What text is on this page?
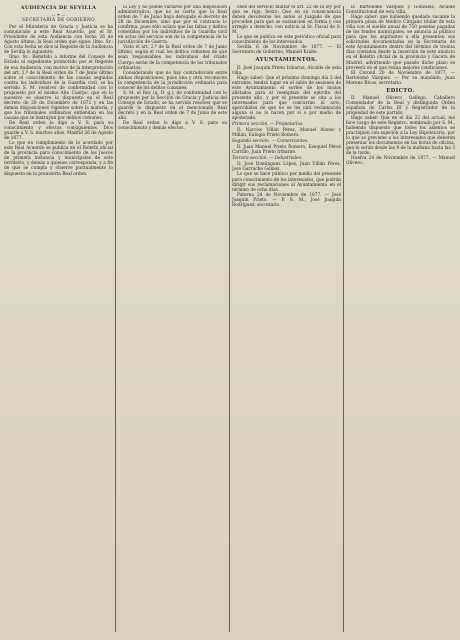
AUDIENCIA DE SEVILLA
— ❧ —
SECRETARÍA DE GOBIERNO

Por el Ministerio de Gracia y Justicia se ha comunicado a este Real Acuerdo, por el Sr. Presidente de esta Audiencia con fecha 26 de Agosto último, la Real orden que sigue: Ilmo. Sr.: Con esta fecha se dice al Regente de la Audiencia de Sevilla lo siguiente:

Ilmo. Sr.: Remitido a informe del Consejo de Estado el expediente promovido por el Regente de esa Audiencia, con motivo de la interpretación del art. 2.º de la Real orden de 7 de Junio último sobre el conocimiento de las causas seguidas contra los individuos de la Guardia civil, se ha servido S. M. resolver de conformidad con lo propuesto por el mismo Alto Cuerpo, que en lo sucesivo se observe lo dispuesto en el Real decreto de 28 de Diciembre de 1872 y en las demás disposiciones vigentes sobre la materia, y que los tribunales ordinarios entiendan en las causas que se instruyan por delitos comunes.

De Real orden lo digo a V. S. para su conocimiento y efectos consiguientes. Dios guarde a V. S. muchos años. Madrid 26 de Agosto de 1877.

Lo que en cumplimiento de lo acordado por este Real Acuerdo se publica en el Boletín oficial de la provincia para conocimiento de los Jueces de primera instancia y municipales de este territorio, y demás a quienes corresponda, y a fin de que se cumpla y observe puntualmente lo dispuesto en la preinserta Real orden.

la Ley y no puede variarse por una disposición administrativa; que no es cierto que la Real orden de 7 de Junio haya derogado el decreto de 28 de Diciembre, sino que por el contrario lo confirma, pues sólo aclara que las faltas y delitos cometidos por los individuos de la Guardia civil en actos del servicio son de la competencia de la jurisdicción de Guerra.

Visto el art. 2.º de la Real orden de 7 de Junio último, según el cual los delitos comunes de que sean responsables los individuos del citado Cuerpo serán de la competencia de los tribunales ordinarios;

Considerando que no hay contradicción entre ambas disposiciones, pues una y otra reconocen la competencia de la jurisdicción ordinaria para conocer de los delitos comunes;

S. M. el Rey (q. D. g.), de conformidad con lo propuesto por la Sección de Gracia y Justicia del Consejo de Estado, se ha servido resolver que se guarde lo dispuesto en el mencionado Real decreto y en la Real orden de 7 de Junio de este año.

De Real orden lo digo a V. S. para su conocimiento y demás efectos.

ches del servicio militar el art. 22 de la ley por que se rige; Sexto: Que en su consecuencia deben devolverse los autos al Juzgado de que proceden para que se sustancien en forma y con arreglo a derecho, con noticia al Sr. Fiscal de S. M.

Lo que se publica en este periódico oficial para conocimiento de los interesados.

Sevilla 6 de Noviembre de 1877. — El Secretario de Gobierno, Manuel Krahe.

AYUNTAMIENTOS.

D. José Joaquín Prieto Iribarne, Alcalde de esta villa.

Hago saber: Que el próximo domingo día 2 del entrante, tendrá lugar en el salón de sesiones de este Ayuntamiento el sorteo de los mozos alistados para el reemplazo del ejército del presente año, y por el presente se cita a los interesados para que concurran al acto, apercibidos de que no se les oirá reclamación alguna si no lo hacen por sí o por medio de apoderado.

Primera sección. — Propietarios.

D. Narciso Villán Pérez, Manuel Alonso y Millán, Eulogio Prieto Romero.

Segunda sección. — Comerciantes.

D. Juan Manuel Prieto Romero, Ezequiel Pérez Carrillo, Juan Prieto Iribarne.

Tercera sección. — Industriales.

D. José Domínguez López, Juan Villán Pérez, José Garrucho Gómez.

Lo que se hace público por medio del presente para conocimiento de los interesados, que podrán dirigir sus reclamaciones al Ayuntamiento en el término de ocho días.

Paterna 24 de Noviembre de 1877. — José Joaquín Prieto. — P. S. M., José Joaquín Rodríguez, secretario.

D. Bartolomé Vázquez y Gonzalez, Alcalde Constitucional de esta villa.

Hago saber: que habiendo quedado vacante la primera plaza de Médico Cirujano titular de esta villa con el sueldo anual de 750 pesetas pagadas de los fondos municipales, se anuncia al público para que los aspirantes a ella presenten sus solicitudes documentadas en la Secretaría de este Ayuntamiento dentro del término de treinta días contados desde la inserción de este anuncio en el Boletín oficial de la provincia y Gaceta de Madrid, advirtiendo que pasado dicho plazo se proveerá en el que reúna mejores condiciones.

El Coronil 20 de Noviembre de 1877. — Bartolomé Vázquez. — Por su mandado, Juan Moreno Rivas, secretario.

EDICTO.

D. Manuel Olivero Gallego, Caballero Comendador de la Real y distinguida Orden española de Carlos III y Registrador de la propiedad de este partido.

Hago saber: Que en el día 22 del actual, me hice cargo de este Registro, nombrado por S. M., habiendo dispuesto que todos los asientos se practiquen con sujeción a la Ley Hipotecaria, por lo que se previene a los interesados que deberán presentar los documentos en las horas de oficina, que lo serán desde las 9 de la mañana hasta las 3 de la tarde.

Huelva 24 de Noviembre de 1877. — Manuel Olivero.
